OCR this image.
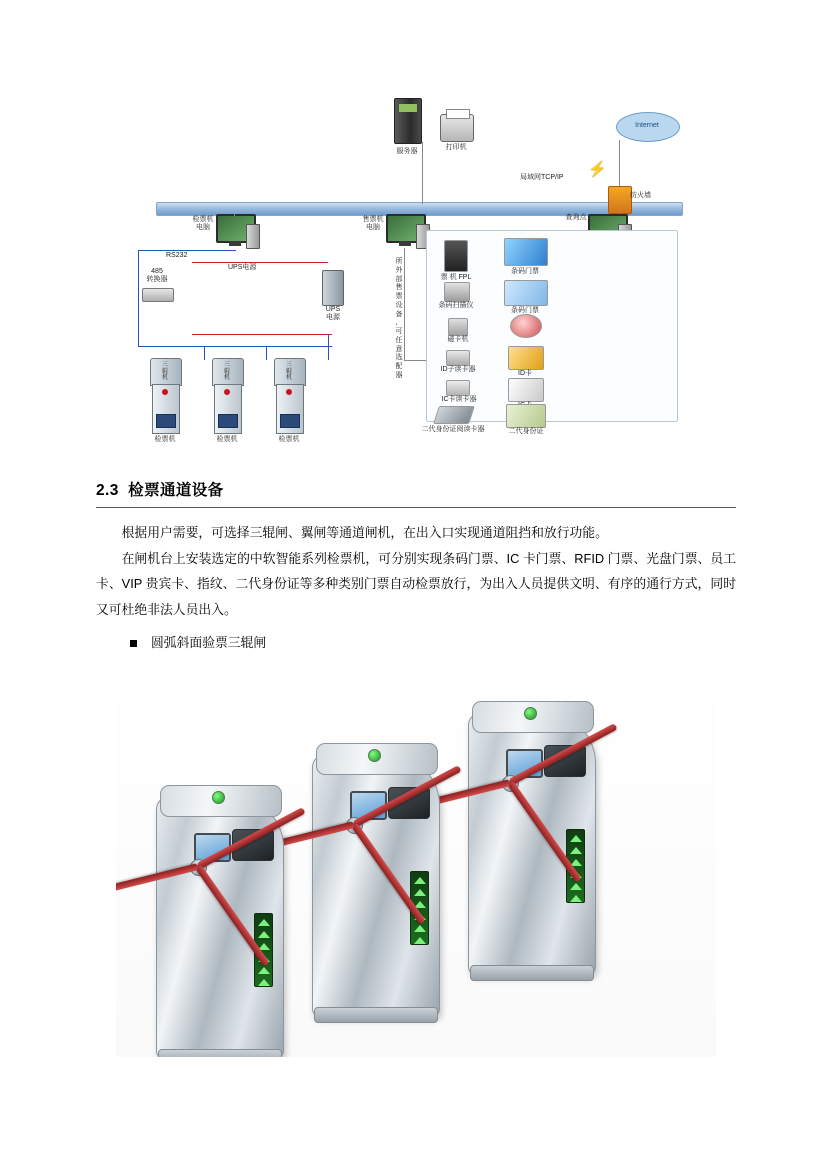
服务器
打印机
Internet
纺火墙
⚡
局域网TCP/IP
检票机
电脑
售票机
电脑
查询点
RS232
UPS电源
485
转换器
UPS
电源
三
辊
机
检票机
三
辊
机
检票机
三
辊
机
检票机
所
外
部
售
票
设
备
，
可
任
意
选
配
器
票 机 FPL
条码门票
条码扫描仪
条码门票
磁卡机
ID子读卡器
ID卡
IC卡读卡器
二代身份证阅读卡器	二代身份证
2.3 检票通道设备

根据用户需要，可选择三辊闸、翼闸等通道闸机，在出入口实现通道阻挡和放行功能。

在闸机台上安装选定的中软智能系列检票机，可分别实现条码门票、IC 卡门票、RFID 门票、光盘门票、员工卡、VIP 贵宾卡、指纹、二代身份证等多种类别门票自动检票放行，为出入人员提供文明、有序的通行方式，同时又可杜绝非法人员出入。

圆弧斜面验票三辊闸
